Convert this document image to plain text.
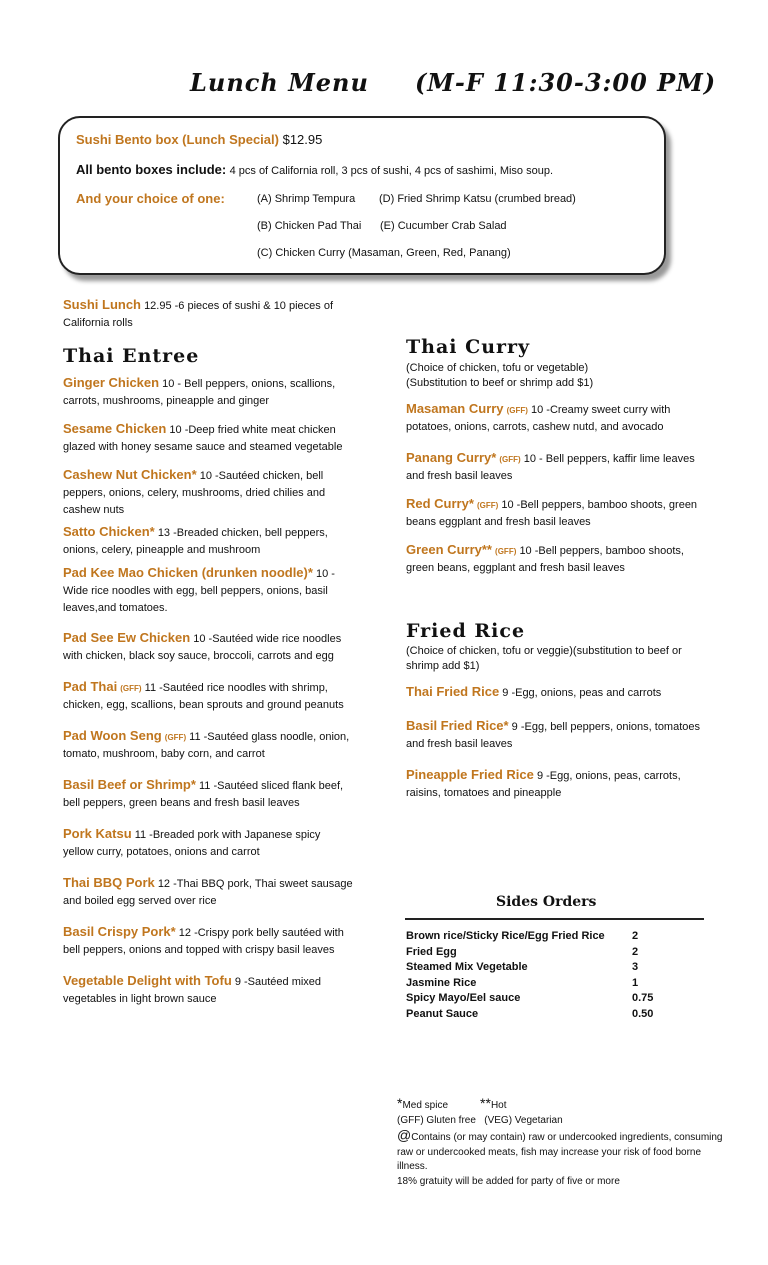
Lunch Menu (M-F 11:30-3:00 PM)
Sushi Bento box (Lunch Special) $12.95
All bento boxes include: 4 pcs of California roll, 3 pcs of sushi, 4 pcs of sashimi, Miso soup.
And your choice of one:	(A) Shrimp Tempura (D) Fried Shrimp Katsu (crumbed bread)
(B) Chicken Pad Thai (E) Cucumber Crab Salad
(C) Chicken Curry (Masaman, Green, Red, Panang)
Thai Entree
Sushi Lunch 12.95 -6 pieces of sushi & 10 pieces of California rolls
Ginger Chicken 10 - Bell peppers, onions, scallions, carrots, mushrooms, pineapple and ginger
Sesame Chicken 10 -Deep fried white meat chicken glazed with honey sesame sauce and steamed vegetable
Cashew Nut Chicken* 10 -Sautéed chicken, bell peppers, onions, celery, mushrooms, dried chilies and cashew nuts
Satto Chicken* 13 -Breaded chicken, bell peppers, onions, celery, pineapple and mushroom
Pad Kee Mao Chicken (drunken noodle)* 10 - Wide rice noodles with egg, bell peppers, onions, basil leaves,and tomatoes.
Pad See Ew Chicken 10 -Sautéed wide rice noodles with chicken, black soy sauce, broccoli, carrots and egg
Pad Thai (GFF) 11 -Sautéed rice noodles with shrimp, chicken, egg, scallions, bean sprouts and ground peanuts
Pad Woon Seng (GFF) 11 -Sautéed glass noodle, onion, tomato, mushroom, baby corn, and carrot
Basil Beef or Shrimp* 11 -Sautéed sliced flank beef, bell peppers, green beans and fresh basil leaves
Pork Katsu 11 -Breaded pork with Japanese spicy yellow curry, potatoes, onions and carrot
Thai BBQ Pork 12 -Thai BBQ pork, Thai sweet sausage and boiled egg served over rice
Basil Crispy Pork* 12 -Crispy pork belly sautéed with bell peppers, onions and topped with crispy basil leaves
Vegetable Delight with Tofu 9 -Sautéed mixed vegetables in light brown sauce
Thai Curry
(Choice of chicken, tofu or vegetable)
(Substitution to beef or shrimp add $1)
Masaman Curry (GFF) 10 -Creamy sweet curry with potatoes, onions, carrots, cashew nutd, and avocado
Panang Curry* (GFF) 10 - Bell peppers, kaffir lime leaves and fresh basil leaves
Red Curry* (GFF) 10 -Bell peppers, bamboo shoots, green beans eggplant and fresh basil leaves
Green Curry** (GFF) 10 -Bell peppers, bamboo shoots, green beans, eggplant and fresh basil leaves
Fried Rice
(Choice of chicken, tofu or veggie)(substitution to beef or shrimp add $1)
Thai Fried Rice 9 -Egg, onions, peas and carrots
Basil Fried Rice* 9 -Egg, bell peppers, onions, tomatoes and fresh basil leaves
Pineapple Fried Rice 9 -Egg, onions, peas, carrots, raisins, tomatoes and pineapple
Sides Orders
Brown rice/Sticky Rice/Egg Fried Rice	2
Fried Egg	2
Steamed Mix Vegetable	3
Jasmine Rice	1
Spicy Mayo/Eel sauce	0.75
Peanut Sauce	0.50
*Med spice **Hot
(GFF) Gluten free (VEG) Vegetarian
@Contains (or may contain) raw or undercooked ingredients, consuming raw or undercooked meats, fish may increase your risk of food borne illness.
18% gratuity will be added for party of five or more
